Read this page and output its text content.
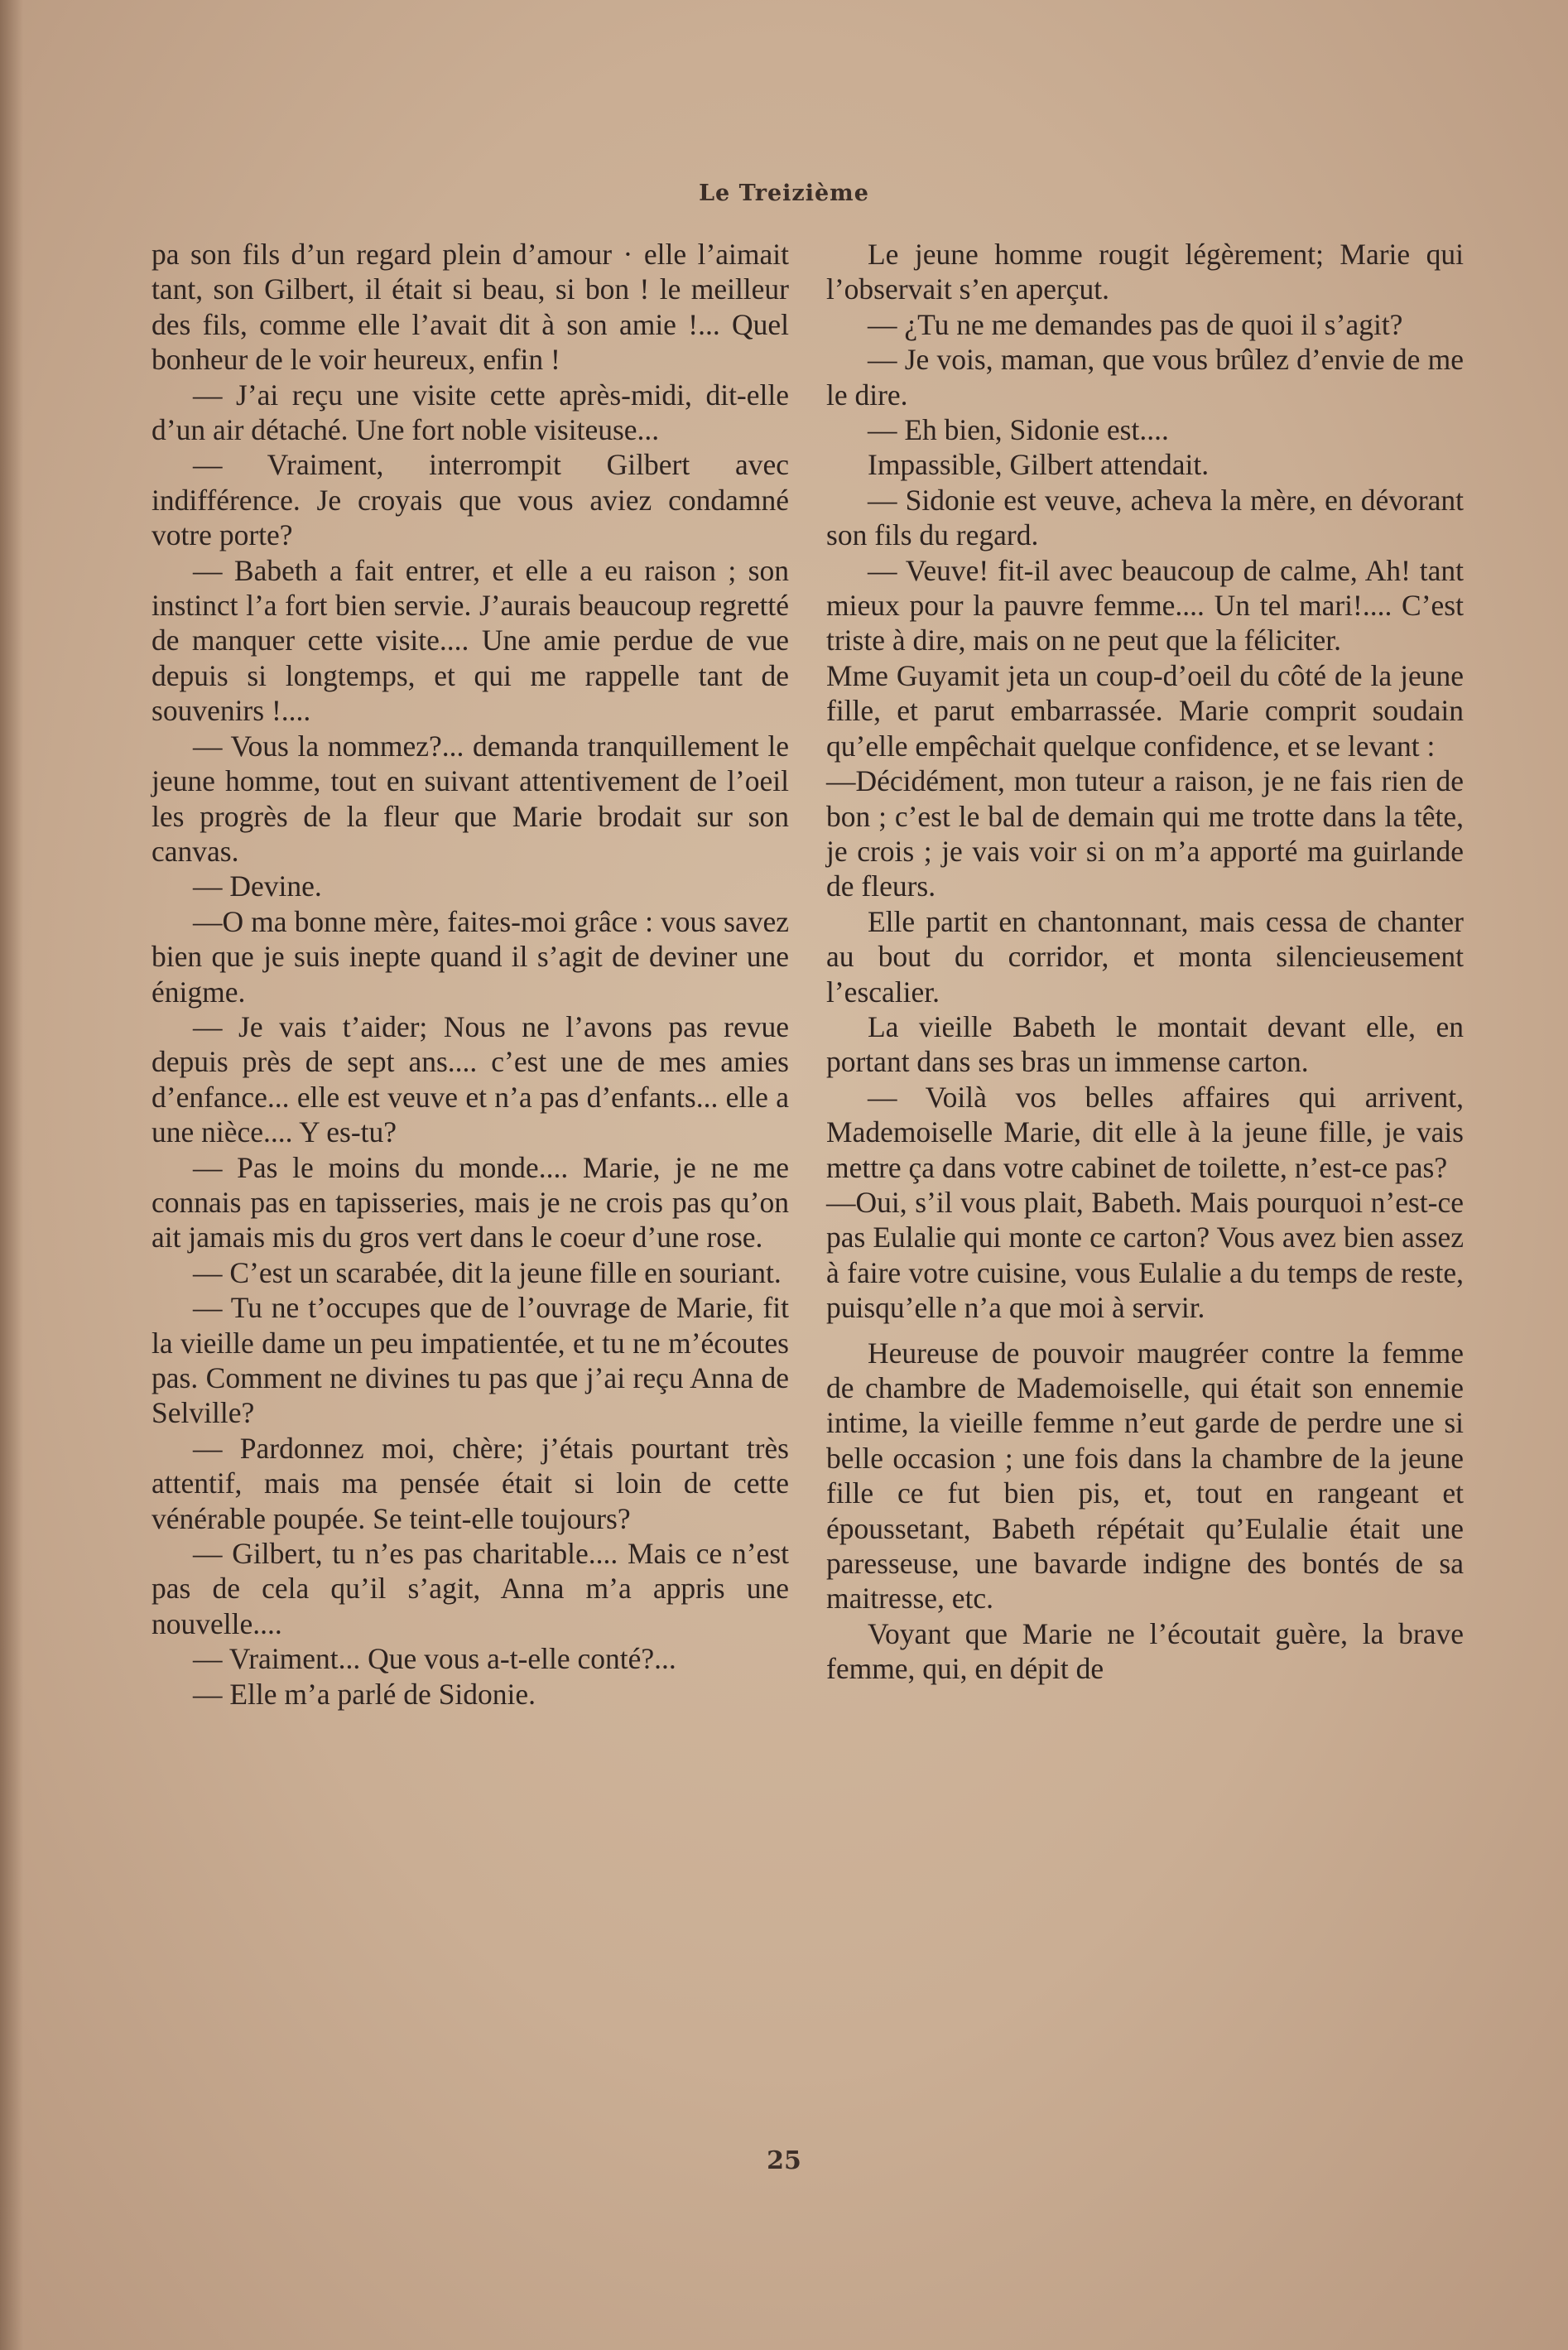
Le Treizième

pa son fils d’un regard plein d’amour · elle l’aimait tant, son Gilbert, il était si beau, si bon ! le meilleur des fils, comme elle l’avait dit à son amie !... Quel bonheur de le voir heureux, enfin !

— J’ai reçu une visite cette après-midi, dit-elle d’un air détaché. Une fort noble visiteuse...

— Vraiment, interrompit Gilbert avec indifférence. Je croyais que vous aviez condamné votre porte?

— Babeth a fait entrer, et elle a eu raison ; son instinct l’a fort bien servie. J’aurais beaucoup regretté de manquer cette visite.... Une amie perdue de vue depuis si longtemps, et qui me rappelle tant de souvenirs !....

— Vous la nommez?... demanda tranquillement le jeune homme, tout en suivant attentivement de l’oeil les progrès de la fleur que Marie brodait sur son canvas.

— Devine.

—O ma bonne mère, faites-moi grâce : vous savez bien que je suis inepte quand il s’agit de deviner une énigme.

— Je vais t’aider; Nous ne l’avons pas revue depuis près de sept ans.... c’est une de mes amies d’enfance... elle est veuve et n’a pas d’enfants... elle a une nièce.... Y es-tu?

— Pas le moins du monde.... Marie, je ne me connais pas en tapisseries, mais je ne crois pas qu’on ait jamais mis du gros vert dans le coeur d’une rose.

— C’est un scarabée, dit la jeune fille en souriant.

— Tu ne t’occupes que de l’ouvrage de Marie, fit la vieille dame un peu impatientée, et tu ne m’écoutes pas. Comment ne divines tu pas que j’ai reçu Anna de Selville?

— Pardonnez moi, chère; j’étais pourtant très attentif, mais ma pensée était si loin de cette vénérable poupée. Se teint-elle toujours?

— Gilbert, tu n’es pas charitable.... Mais ce n’est pas de cela qu’il s’agit, Anna m’a appris une nouvelle....

— Vraiment... Que vous a-t-elle conté?...

— Elle m’a parlé de Sidonie.

Le jeune homme rougit légèrement; Marie qui l’observait s’en aperçut.

— ¿Tu ne me demandes pas de quoi il s’agit?

— Je vois, maman, que vous brûlez d’envie de me le dire.

— Eh bien, Sidonie est....

Impassible, Gilbert attendait.

— Sidonie est veuve, acheva la mère, en dévorant son fils du regard.

— Veuve! fit-il avec beaucoup de calme, Ah! tant mieux pour la pauvre femme.... Un tel mari!.... C’est triste à dire, mais on ne peut que la féliciter.

Mme Guyamit jeta un coup-d’oeil du côté de la jeune fille, et parut embarrassée. Marie comprit soudain qu’elle empêchait quelque confidence, et se levant :

—Décidément, mon tuteur a raison, je ne fais rien de bon ; c’est le bal de demain qui me trotte dans la tête, je crois ; je vais voir si on m’a apporté ma guirlande de fleurs.

Elle partit en chantonnant, mais cessa de chanter au bout du corridor, et monta silencieusement l’escalier.

La vieille Babeth le montait devant elle, en portant dans ses bras un immense carton.

— Voilà vos belles affaires qui arrivent, Mademoiselle Marie, dit elle à la jeune fille, je vais mettre ça dans votre cabinet de toilette, n’est-ce pas?

—Oui, s’il vous plait, Babeth. Mais pourquoi n’est-ce pas Eulalie qui monte ce carton? Vous avez bien assez à faire votre cuisine, vous Eulalie a du temps de reste, puisqu’elle n’a que moi à servir.

Heureuse de pouvoir maugréer contre la femme de chambre de Mademoiselle, qui était son ennemie intime, la vieille femme n’eut garde de perdre une si belle occasion ; une fois dans la chambre de la jeune fille ce fut bien pis, et, tout en rangeant et époussetant, Babeth répétait qu’Eulalie était une paresseuse, une bavarde indigne des bontés de sa maitresse, etc.

Voyant que Marie ne l’écoutait guère, la brave femme, qui, en dépit de

25
